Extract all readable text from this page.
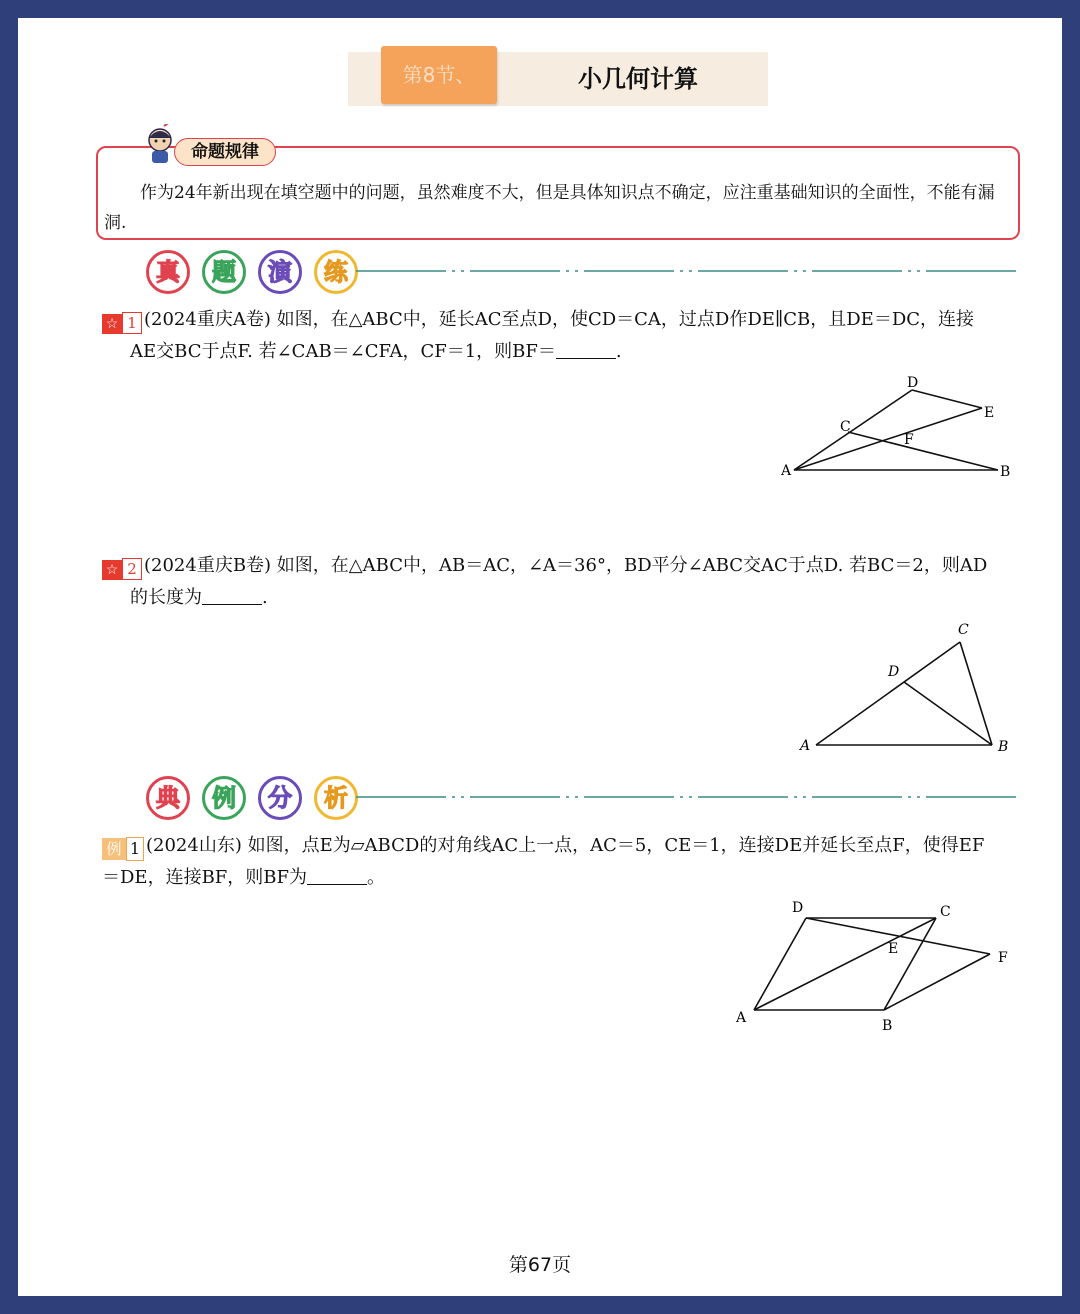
第8节、	小几何计算
命题规律
作为24年新出现在填空题中的问题，虽然难度不大，但是具体知识点不确定，应注重基础知识的全面性，不能有漏洞.
真	题	演	练
☆ 1 (2024重庆A卷) 如图，在△ABC中，延长AC至点D，使CD＝CA，过点D作DE∥CB，且DE＝DC，连接
AE交BC于点F. 若∠CAB＝∠CFA，CF＝1，则BF＝	.
A	B
C
D
E
F
☆ 2 (2024重庆B卷) 如图，在△ABC中，AB＝AC，∠A＝36°，BD平分∠ABC交AC于点D. 若BC＝2，则AD
的长度为	.
A	B
C
D
典	例	分	析
例 1 (2024山东) 如图，点E为▱ABCD的对角线AC上一点，AC＝5，CE＝1，连接DE并延长至点F，使得EF
＝DE，连接BF，则BF为	。
D	C
E
F
A	B
第67页
